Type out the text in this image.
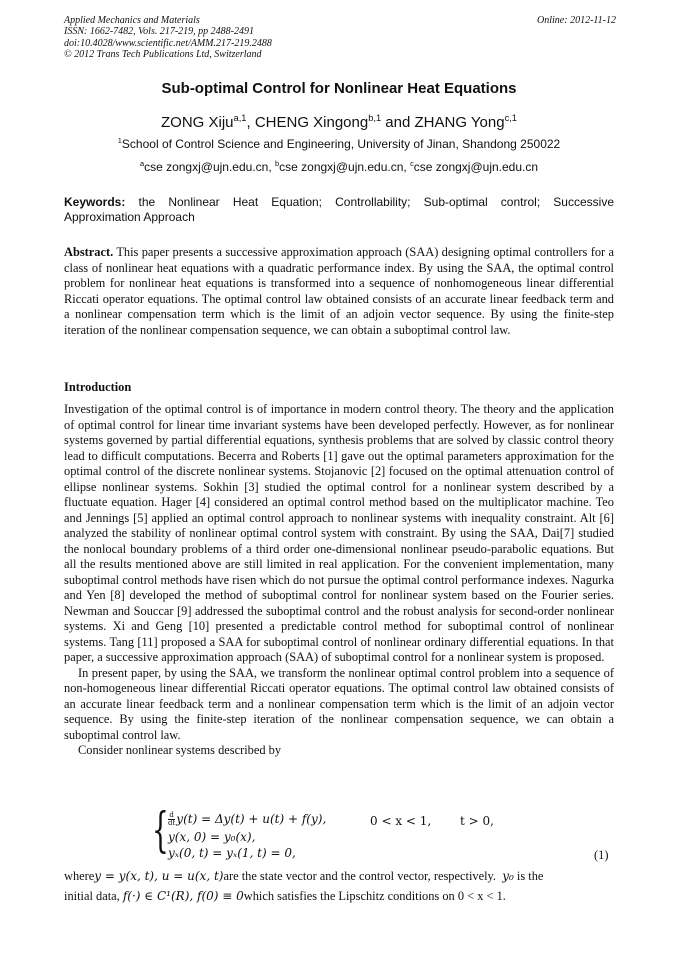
Applied Mechanics and Materials
ISSN: 1662-7482, Vols. 217-219, pp 2488-2491
doi:10.4028/www.scientific.net/AMM.217-219.2488
© 2012 Trans Tech Publications Ltd, Switzerland
Online: 2012-11-12
Sub-optimal Control for Nonlinear Heat Equations
ZONG Xiju$^{a,1}$, CHENG Xingong$^{b,1}$ and ZHANG Yong$^{c,1}$
$^1$School of Control Science and Engineering, University of Jinan, Shandong 250022
$^a$cse zongxj@ujn.edu.cn, $^b$cse zongxj@ujn.edu.cn, $^c$cse zongxj@ujn.edu.cn
Keywords: the Nonlinear Heat Equation; Controllability; Sub-optimal control; Successive Approximation Approach
Abstract. This paper presents a successive approximation approach (SAA) designing optimal controllers for a class of nonlinear heat equations with a quadratic performance index. By using the SAA, the optimal control problem for nonlinear heat equations is transformed into a sequence of nonhomogeneous linear differential Riccati operator equations. The optimal control law obtained consists of an accurate linear feedback term and a nonlinear compensation term which is the limit of an adjoin vector sequence. By using the finite-step iteration of the nonlinear compensation sequence, we can obtain a suboptimal control law.
Introduction

Investigation of the optimal control is of importance in modern control theory. The theory and the application of optimal control for linear time invariant systems have been developed perfectly. However, as for nonlinear systems governed by partial differential equations, synthesis problems that are solved by classic control theory lead to difficult computations. Becerra and Roberts [1] gave out the optimal parameters approximation for the optimal control of the discrete nonlinear systems. Stojanovic [2] focused on the optimal attenuation control of ellipse nonlinear systems. Sokhin [3] studied the optimal control for a nonlinear system described by a fluctuate equation. Hager [4] considered an optimal control method based on the multiplicator machine. Teo and Jennings [5] applied an optimal control approach to nonlinear systems with inequality constraint. Alt [6] analyzed the stability of nonlinear optimal control system with constraint. By using the SAA, Dai[7] studied the nonlocal boundary problems of a third order one-dimensional nonlinear pseudo-parabolic equations. But all the results mentioned above are still limited in real application. For the convenient implementation, many suboptimal control methods have risen which do not pursue the optimal control performance indexes. Nagurka and Yen [8] developed the method of suboptimal control for nonlinear system based on the Fourier series. Newman and Souccar [9] addressed the suboptimal control and the robust analysis for second-order nonlinear systems. Xi and Geng [10] presented a predictable control method for suboptimal control of nonlinear systems. Tang [11] proposed a SAA for suboptimal control of nonlinear ordinary differential equations. In that paper, a successive approximation approach (SAA) of suboptimal control for a nonlinear system is proposed.

In present paper, by using the SAA, we transform the nonlinear optimal control problem into a sequence of non-homogeneous linear differential Riccati operator equations. The optimal control law obtained consists of an accurate linear feedback term and a nonlinear compensation term which is the limit of an adjoin vector sequence. By using the finite-step iteration of the nonlinear compensation sequence, we can obtain a suboptimal control law.

Consider nonlinear systems described by

{ $\frac{d}{dt} y(t) = \Delta y(t) + u(t) + f(y)$,	0 < x < 1, t > 0,
y(x, 0) = y₀(x),
yₓ(0, t) = yₓ(1, t) = 0,	(1)
wherey = y(x, t), u = u(x, t)are the state vector and the control vector, respectively. y₀ is the
initial data, f(·) ∈ C¹(R), f(0) ≡ 0which satisfies the Lipschitz conditions on 0 < x < 1.
